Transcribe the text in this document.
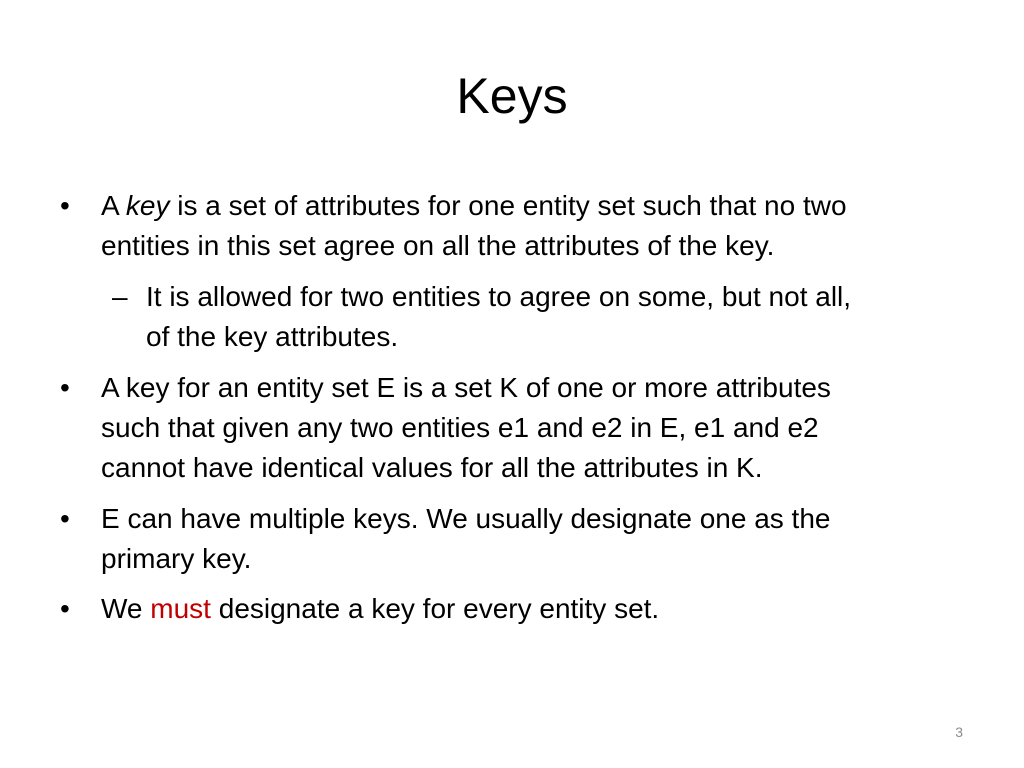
Keys
• A key is a set of attributes for one entity set such that no two
entities in this set agree on all the attributes of the key.
– It is allowed for two entities to agree on some, but not all,
of the key attributes.
• A key for an entity set E is a set K of one or more attributes
such that given any two entities e1 and e2 in E, e1 and e2
cannot have identical values for all the attributes in K.
• E can have multiple keys. We usually designate one as the
primary key.
• We must designate a key for every entity set.
3
